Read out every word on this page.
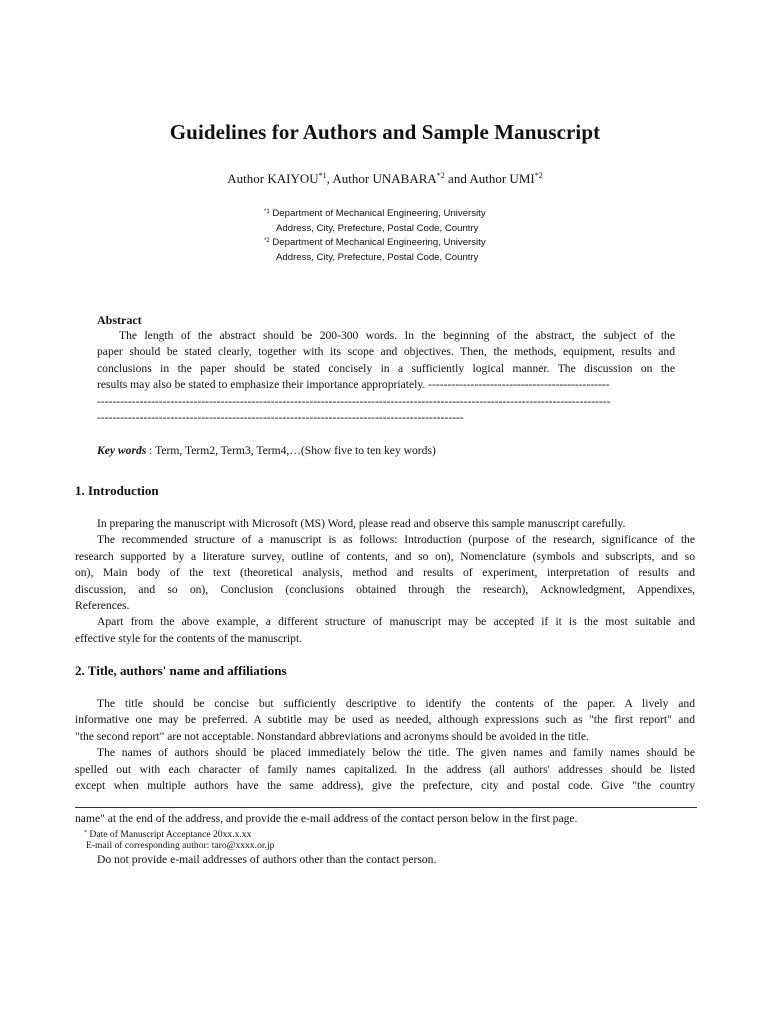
Guidelines for Authors and Sample Manuscript
Author KAIYOU$^{*1}$, Author UNABARA$^{*2}$ and Author UMI$^{*2}$
$^{*1}$ Department of Mechanical Engineering, University
Address, City, Prefecture, Postal Code, Country
$^{*2}$ Department of Mechanical Engineering, University
Address, City, Prefecture, Postal Code, Country
Abstract
The length of the abstract should be 200-300 words. In the beginning of the abstract, the subject of the
paper should be stated clearly, together with its scope and objectives. Then, the methods, equipment, results and
conclusions in the paper should be stated concisely in a sufficiently logical manner. The discussion on the
results may also be stated to emphasize their importance appropriately. -----------------------------------------------
-------------------------------------------------------------------------------------------------------------------------------------
-----------------------------------------------------------------------------------------------
Key words : Term, Term2, Term3, Term4,…(Show five to ten key words)
1. Introduction
In preparing the manuscript with Microsoft (MS) Word, please read and observe this sample manuscript carefully.
The recommended structure of a manuscript is as follows: Introduction (purpose of the research, significance of the
research supported by a literature survey, outline of contents, and so on), Nomenclature (symbols and subscripts, and so
on), Main body of the text (theoretical analysis, method and results of experiment, interpretation of results and
discussion, and so on), Conclusion (conclusions obtained through the research), Acknowledgment, Appendixes,
References.
Apart from the above example, a different structure of manuscript may be accepted if it is the most suitable and
effective style for the contents of the manuscript.
2. Title, authors' name and affiliations
The title should be concise but sufficiently descriptive to identify the contents of the paper. A lively and
informative one may be preferred. A subtitle may be used as needed, although expressions such as "the first report" and
"the second report" are not acceptable. Nonstandard abbreviations and acronyms should be avoided in the title.
The names of authors should be placed immediately below the title. The given names and family names should be
spelled out with each character of family names capitalized. In the address (all authors' addresses should be listed
except when multiple authors have the same address), give the prefecture, city and postal code. Give "the country
name" at the end of the address, and provide the e-mail address of the contact person below in the first page.
* Date of Manuscript Acceptance 20xx.x.xx
E-mail of corresponding author: taro@xxxx.or.jp
Do not provide e-mail addresses of authors other than the contact person.
